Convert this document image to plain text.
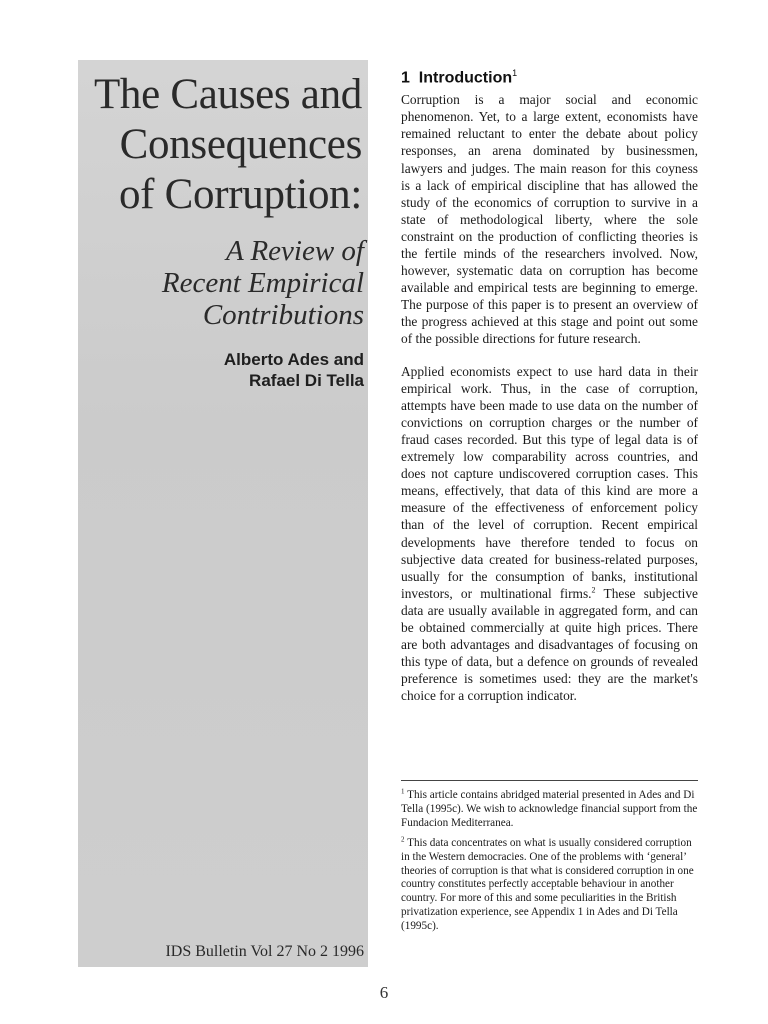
The Causes and
Consequences
of Corruption:
A Review of
Recent Empirical
Contributions
Alberto Ades and
Rafael Di Tella
IDS Bulletin Vol 27 No 2 1996
1 Introduction$^1$

Corruption is a major social and economic phenomenon. Yet, to a large extent, economists have remained reluctant to enter the debate about policy responses, an arena dominated by businessmen, lawyers and judges. The main reason for this coyness is a lack of empirical discipline that has allowed the study of the economics of corruption to survive in a state of methodological liberty, where the sole constraint on the production of conflicting theories is the fertile minds of the researchers involved. Now, however, systematic data on corruption has become available and empirical tests are beginning to emerge. The purpose of this paper is to present an overview of the progress achieved at this stage and point out some of the possible directions for future research.

Applied economists expect to use hard data in their empirical work. Thus, in the case of corruption, attempts have been made to use data on the number of convictions on corruption charges or the number of fraud cases recorded. But this type of legal data is of extremely low comparability across countries, and does not capture undiscovered corruption cases. This means, effectively, that data of this kind are more a measure of the effectiveness of enforcement policy than of the level of corruption. Recent empirical developments have therefore tended to focus on subjective data created for business-related purposes, usually for the consumption of banks, institutional investors, or multinational firms.$^2$ These subjective data are usually available in aggregated form, and can be obtained commercially at quite high prices. There are both advantages and disadvantages of focusing on this type of data, but a defence on grounds of revealed preference is sometimes used: they are the market's choice for a corruption indicator.

$^1$ This article contains abridged material presented in Ades and Di Tella (1995c). We wish to acknowledge financial support from the Fundacion Mediterranea.

$^2$ This data concentrates on what is usually considered corruption in the Western democracies. One of the problems with ‘general’ theories of corruption is that what is considered corruption in one country constitutes perfectly acceptable behaviour in another country. For more of this and some peculiarities in the British privatization experience, see Appendix 1 in Ades and Di Tella (1995c).

6
